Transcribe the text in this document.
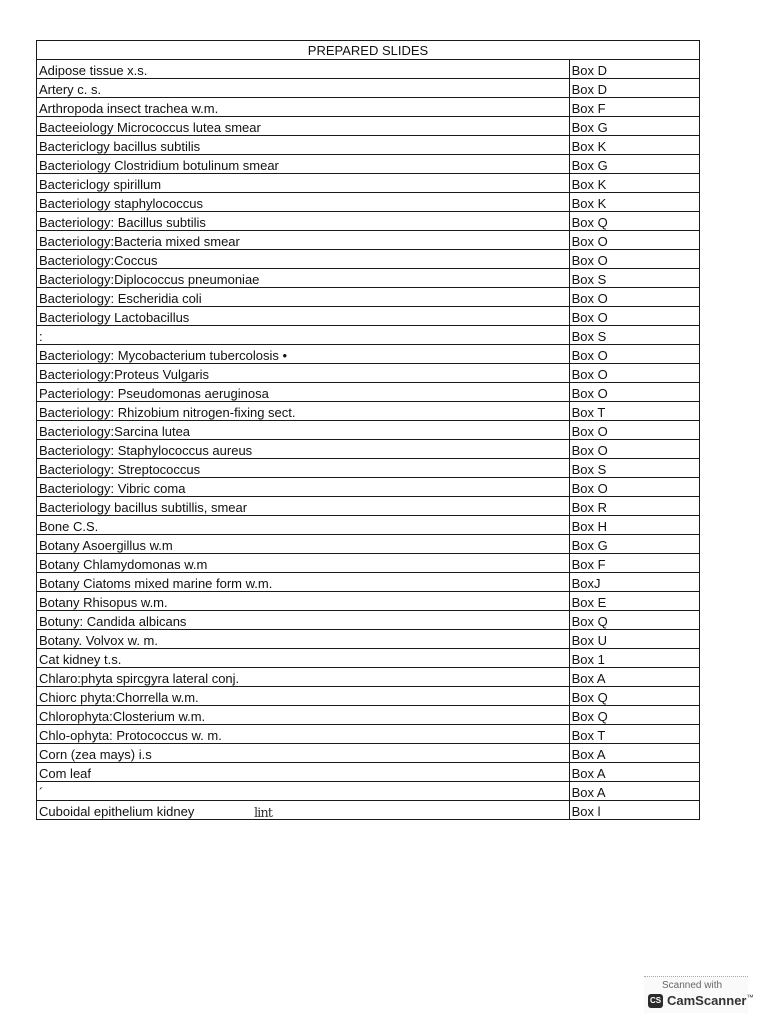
PREPARED SLIDES	
Adipose tissue x.s.	Box D
Artery c. s.	Box D
Arthropoda insect trachea w.m.	Box F
Bacteeiology Micrococcus lutea smear	Box G
Bactericlogy bacillus subtilis	Box K
Bacteriology Clostridium botulinum smear	Box G
Bactericlogy spirillum	Box K
Bacteriology staphylococcus	Box K
Bacteriology: Bacillus subtilis	Box Q
Bacteriology:Bacteria mixed smear	Box O
Bacteriology:Coccus	Box O
Bacteriology:Diplococcus pneumoniae	Box S
Bacteriology: Escheridia coli	Box O
Bacteriology Lactobacillus	Box O
:	Box S
Bacteriology: Mycobacterium tubercolosis •	Box O
Bacteriology:Proteus Vulgaris	Box O
Pacteriology: Pseudomonas aeruginosa	Box O
Bacteriology: Rhizobium nitrogen-fixing sect.	Box T
Bacteriology:Sarcina lutea	Box O
Bacteriology: Staphylococcus aureus	Box O
Bacteriology: Streptococcus	Box S
Bacteriology: Vibric coma	Box O
Bacteriology bacillus subtillis, smear	Box R
Bone C.S.	Box H
Botany Asoergillus w.m	Box G
Botany Chlamydomonas w.m	Box F
Botany Ciatoms mixed marine form w.m.	BoxJ
Botany Rhisopus w.m.	Box E
Botuny: Candida albicans	Box Q
Botany. Volvox w. m.	Box U
Cat kidney t.s.	Box 1
Chlaro:phyta spircgyra lateral conj.	Box A
Chiorc phyta:Chorrella w.m.	Box Q
Chlorophyta:Closterium w.m.	Box Q
Chlo-ophyta: Protococcus w. m.	Box T
Corn (zea mays) i.s	Box A
Com leaf	Box A
´	Box A
Cuboidal epithelium kidney	Box l
lint
Scanned with
CS CamScanner™
